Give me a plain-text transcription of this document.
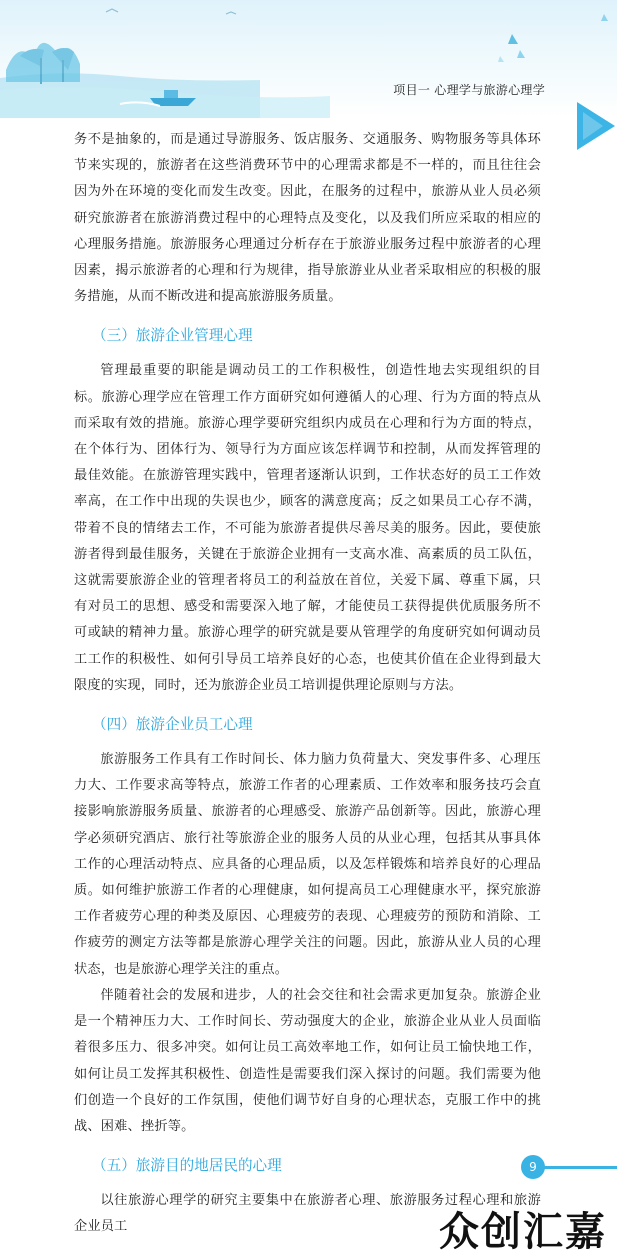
项目一 心理学与旅游心理学

务不是抽象的，而是通过导游服务、饭店服务、交通服务、购物服务等具体环节来实现的，旅游者在这些消费环节中的心理需求都是不一样的，而且往往会因为外在环境的变化而发生改变。因此，在服务的过程中，旅游从业人员必须研究旅游者在旅游消费过程中的心理特点及变化，以及我们所应采取的相应的心理服务措施。旅游服务心理通过分析存在于旅游业服务过程中旅游者的心理因素，揭示旅游者的心理和行为规律，指导旅游业从业者采取相应的积极的服务措施，从而不断改进和提高旅游服务质量。

（三）旅游企业管理心理

管理最重要的职能是调动员工的工作积极性，创造性地去实现组织的目标。旅游心理学应在管理工作方面研究如何遵循人的心理、行为方面的特点从而采取有效的措施。旅游心理学要研究组织内成员在心理和行为方面的特点，在个体行为、团体行为、领导行为方面应该怎样调节和控制，从而发挥管理的最佳效能。在旅游管理实践中，管理者逐渐认识到，工作状态好的员工工作效率高，在工作中出现的失误也少，顾客的满意度高；反之如果员工心存不满，带着不良的情绪去工作，不可能为旅游者提供尽善尽美的服务。因此，要使旅游者得到最佳服务，关键在于旅游企业拥有一支高水准、高素质的员工队伍，这就需要旅游企业的管理者将员工的利益放在首位，关爱下属、尊重下属，只有对员工的思想、感受和需要深入地了解，才能使员工获得提供优质服务所不可或缺的精神力量。旅游心理学的研究就是要从管理学的角度研究如何调动员工工作的积极性、如何引导员工培养良好的心态，也使其价值在企业得到最大限度的实现，同时，还为旅游企业员工培训提供理论原则与方法。

（四）旅游企业员工心理

旅游服务工作具有工作时间长、体力脑力负荷量大、突发事件多、心理压力大、工作要求高等特点，旅游工作者的心理素质、工作效率和服务技巧会直接影响旅游服务质量、旅游者的心理感受、旅游产品创新等。因此，旅游心理学必须研究酒店、旅行社等旅游企业的服务人员的从业心理，包括其从事具体工作的心理活动特点、应具备的心理品质，以及怎样锻炼和培养良好的心理品质。如何维护旅游工作者的心理健康，如何提高员工心理健康水平，探究旅游工作者疲劳心理的种类及原因、心理疲劳的表现、心理疲劳的预防和消除、工作疲劳的测定方法等都是旅游心理学关注的问题。因此，旅游从业人员的心理状态，也是旅游心理学关注的重点。

伴随着社会的发展和进步，人的社会交往和社会需求更加复杂。旅游企业是一个精神压力大、工作时间长、劳动强度大的企业，旅游企业从业人员面临着很多压力、很多冲突。如何让员工高效率地工作，如何让员工愉快地工作，如何让员工发挥其积极性、创造性是需要我们深入探讨的问题。我们需要为他们创造一个良好的工作氛围，使他们调节好自身的心理状态，克服工作中的挑战、困难、挫折等。

（五）旅游目的地居民的心理

以往旅游心理学的研究主要集中在旅游者心理、旅游服务过程心理和旅游企业员工

9
众创汇嘉
